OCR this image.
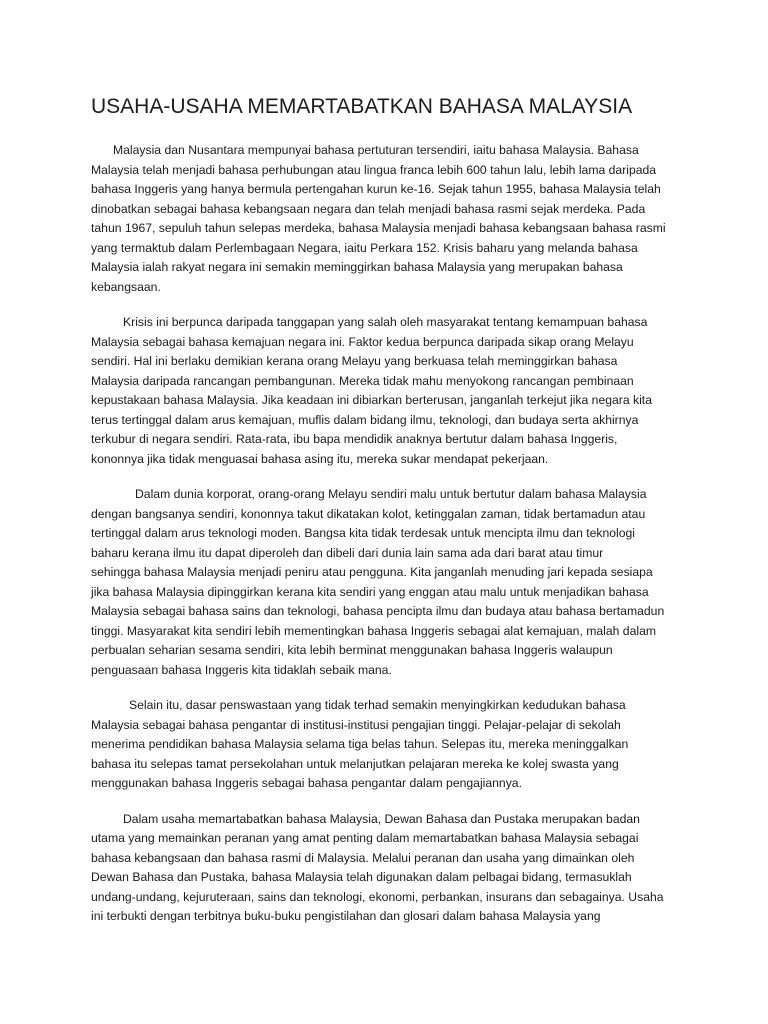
USAHA-USAHA MEMARTABATKAN BAHASA MALAYSIA

Malaysia dan Nusantara mempunyai bahasa pertuturan tersendiri, iaitu bahasa Malaysia. Bahasa
Malaysia telah menjadi bahasa perhubungan atau lingua franca lebih 600 tahun lalu, lebih lama daripada
bahasa Inggeris yang hanya bermula pertengahan kurun ke-16. Sejak tahun 1955, bahasa Malaysia telah
dinobatkan sebagai bahasa kebangsaan negara dan telah menjadi bahasa rasmi sejak merdeka. Pada
tahun 1967, sepuluh tahun selepas merdeka, bahasa Malaysia menjadi bahasa kebangsaan bahasa rasmi
yang termaktub dalam Perlembagaan Negara, iaitu Perkara 152. Krisis baharu yang melanda bahasa
Malaysia ialah rakyat negara ini semakin meminggirkan bahasa Malaysia yang merupakan bahasa
kebangsaan.

Krisis ini berpunca daripada tanggapan yang salah oleh masyarakat tentang kemampuan bahasa
Malaysia sebagai bahasa kemajuan negara ini. Faktor kedua berpunca daripada sikap orang Melayu
sendiri. Hal ini berlaku demikian kerana orang Melayu yang berkuasa telah meminggirkan bahasa
Malaysia daripada rancangan pembangunan. Mereka tidak mahu menyokong rancangan pembinaan
kepustakaan bahasa Malaysia. Jika keadaan ini dibiarkan berterusan, janganlah terkejut jika negara kita
terus tertinggal dalam arus kemajuan, muflis dalam bidang ilmu, teknologi, dan budaya serta akhirnya
terkubur di negara sendiri. Rata-rata, ibu bapa mendidik anaknya bertutur dalam bahasa Inggeris,
kononnya jika tidak menguasai bahasa asing itu, mereka sukar mendapat pekerjaan.

Dalam dunia korporat, orang-orang Melayu sendiri malu untuk bertutur dalam bahasa Malaysia
dengan bangsanya sendiri, kononnya takut dikatakan kolot, ketinggalan zaman, tidak bertamadun atau
tertinggal dalam arus teknologi moden. Bangsa kita tidak terdesak untuk mencipta ilmu dan teknologi
baharu kerana ilmu itu dapat diperoleh dan dibeli dari dunia lain sama ada dari barat atau timur
sehingga bahasa Malaysia menjadi peniru atau pengguna. Kita janganlah menuding jari kepada sesiapa
jika bahasa Malaysia dipinggirkan kerana kita sendiri yang enggan atau malu untuk menjadikan bahasa
Malaysia sebagai bahasa sains dan teknologi, bahasa pencipta ilmu dan budaya atau bahasa bertamadun
tinggi. Masyarakat kita sendiri lebih mementingkan bahasa Inggeris sebagai alat kemajuan, malah dalam
perbualan seharian sesama sendiri, kita lebih berminat menggunakan bahasa Inggeris walaupun
penguasaan bahasa Inggeris kita tidaklah sebaik mana.

Selain itu, dasar penswastaan yang tidak terhad semakin menyingkirkan kedudukan bahasa
Malaysia sebagai bahasa pengantar di institusi-institusi pengajian tinggi. Pelajar-pelajar di sekolah
menerima pendidikan bahasa Malaysia selama tiga belas tahun. Selepas itu, mereka meninggalkan
bahasa itu selepas tamat persekolahan untuk melanjutkan pelajaran mereka ke kolej swasta yang
menggunakan bahasa Inggeris sebagai bahasa pengantar dalam pengajiannya.

Dalam usaha memartabatkan bahasa Malaysia, Dewan Bahasa dan Pustaka merupakan badan
utama yang memainkan peranan yang amat penting dalam memartabatkan bahasa Malaysia sebagai
bahasa kebangsaan dan bahasa rasmi di Malaysia. Melalui peranan dan usaha yang dimainkan oleh
Dewan Bahasa dan Pustaka, bahasa Malaysia telah digunakan dalam pelbagai bidang, termasuklah
undang-undang, kejuruteraan, sains dan teknologi, ekonomi, perbankan, insurans dan sebagainya. Usaha
ini terbukti dengan terbitnya buku-buku pengistilahan dan glosari dalam bahasa Malaysia yang
